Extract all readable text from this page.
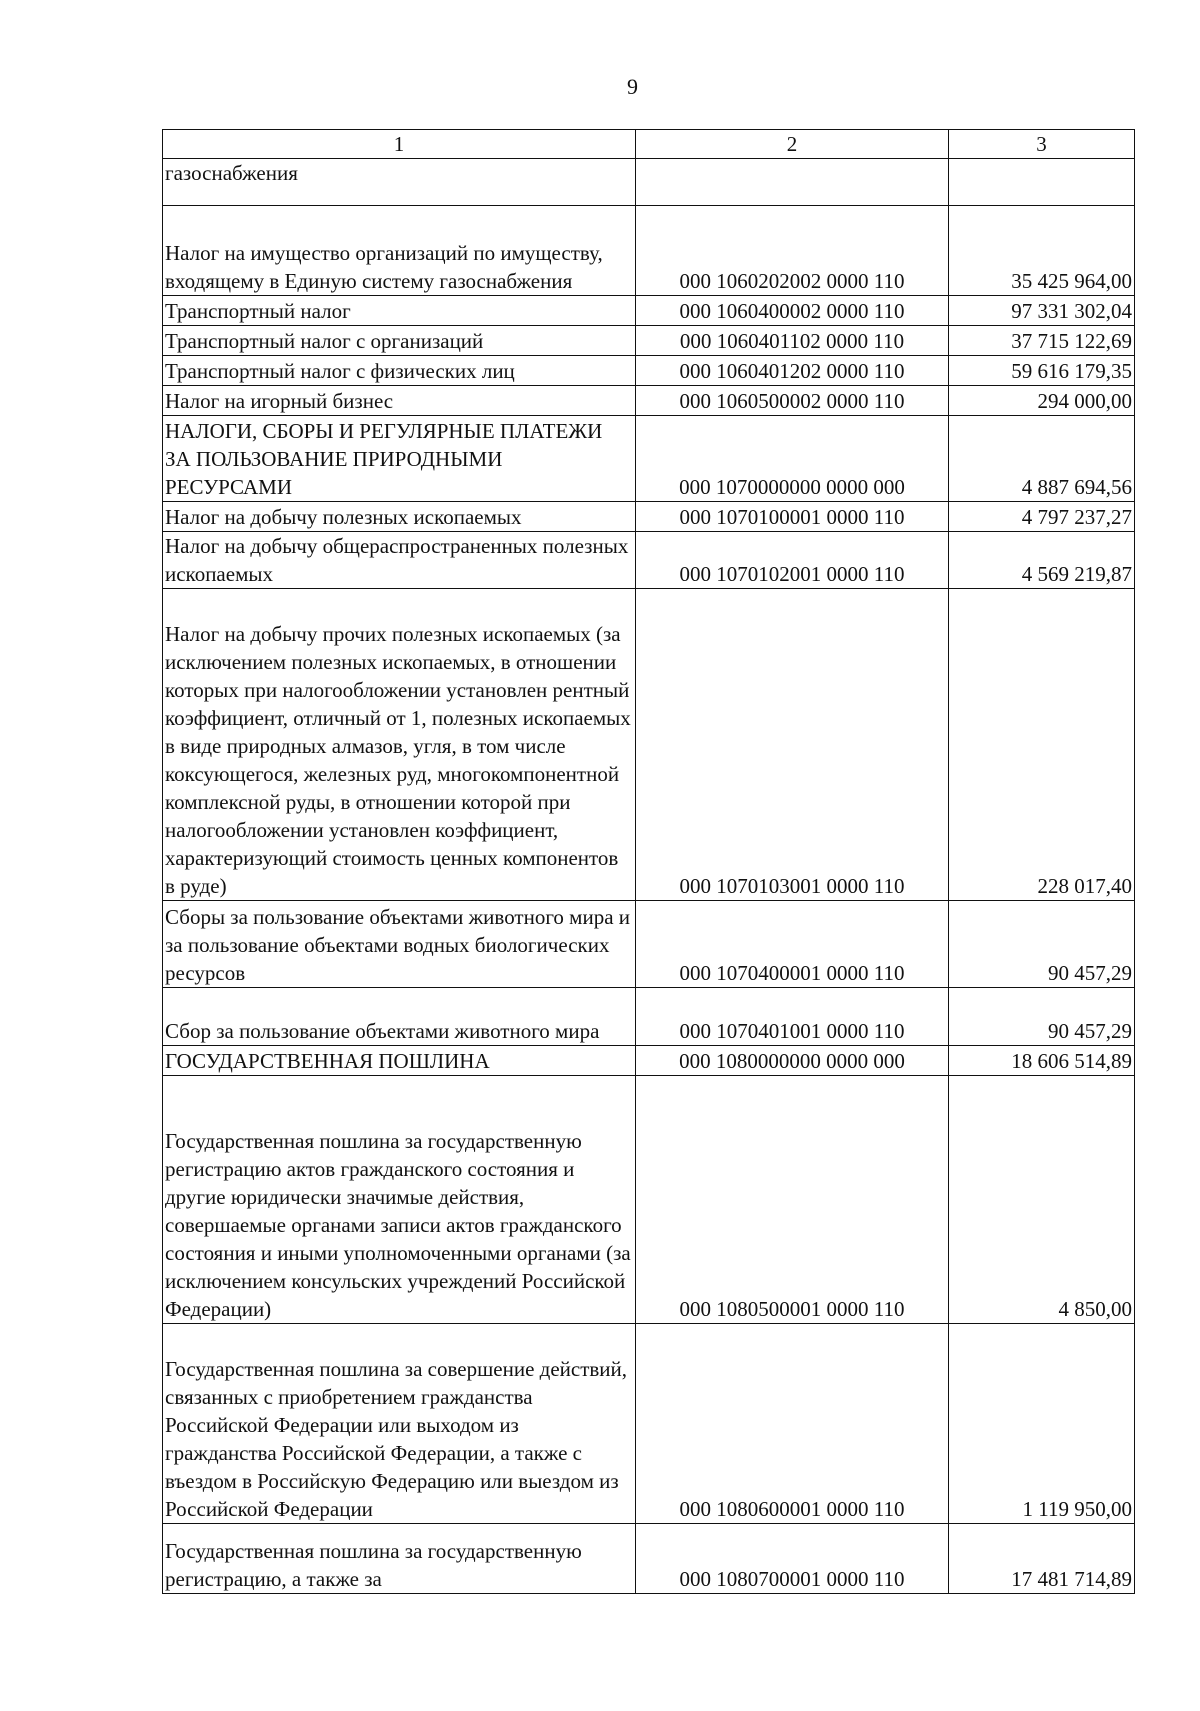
9
1	2	3
газоснабжения		
Налог на имущество организаций по имуществу, входящему в Единую систему газоснабжения	000 1060202002 0000 110	35 425 964,00
Транспортный налог	000 1060400002 0000 110	97 331 302,04
Транспортный налог с организаций	000 1060401102 0000 110	37 715 122,69
Транспортный налог с физических лиц	000 1060401202 0000 110	59 616 179,35
Налог на игорный бизнес	000 1060500002 0000 110	294 000,00
НАЛОГИ, СБОРЫ И РЕГУЛЯРНЫЕ ПЛАТЕЖИ ЗА ПОЛЬЗОВАНИЕ ПРИРОДНЫМИ РЕСУРСАМИ	000 1070000000 0000 000	4 887 694,56
Налог на добычу полезных ископаемых	000 1070100001 0000 110	4 797 237,27
Налог на добычу общераспространенных полезных ископаемых	000 1070102001 0000 110	4 569 219,87
Налог на добычу прочих полезных ископаемых (за исключением полезных ископаемых, в отношении которых при налогообложении установлен рентный коэффициент, отличный от 1, полезных ископаемых в виде природных алмазов, угля, в том числе коксующегося, железных руд, многокомпонентной комплексной руды, в отношении которой при налогообложении установлен коэффициент, характеризующий стоимость ценных компонентов в руде)	000 1070103001 0000 110	228 017,40
Сборы за пользование объектами животного мира и за пользование объектами водных биологических ресурсов	000 1070400001 0000 110	90 457,29
Сбор за пользование объектами животного мира	000 1070401001 0000 110	90 457,29
ГОСУДАРСТВЕННАЯ ПОШЛИНА	000 1080000000 0000 000	18 606 514,89
Государственная пошлина за государственную регистрацию актов гражданского состояния и другие юридически значимые действия, совершаемые органами записи актов гражданского состояния и иными уполномоченными органами (за исключением консульских учреждений Российской Федерации)	000 1080500001 0000 110	4 850,00
Государственная пошлина за совершение действий, связанных с приобретением гражданства Российской Федерации или выходом из гражданства Российской Федерации, а также с въездом в Российскую Федерацию или выездом из Российской Федерации	000 1080600001 0000 110	1 119 950,00
Государственная пошлина за государственную регистрацию, а также за	000 1080700001 0000 110	17 481 714,89
